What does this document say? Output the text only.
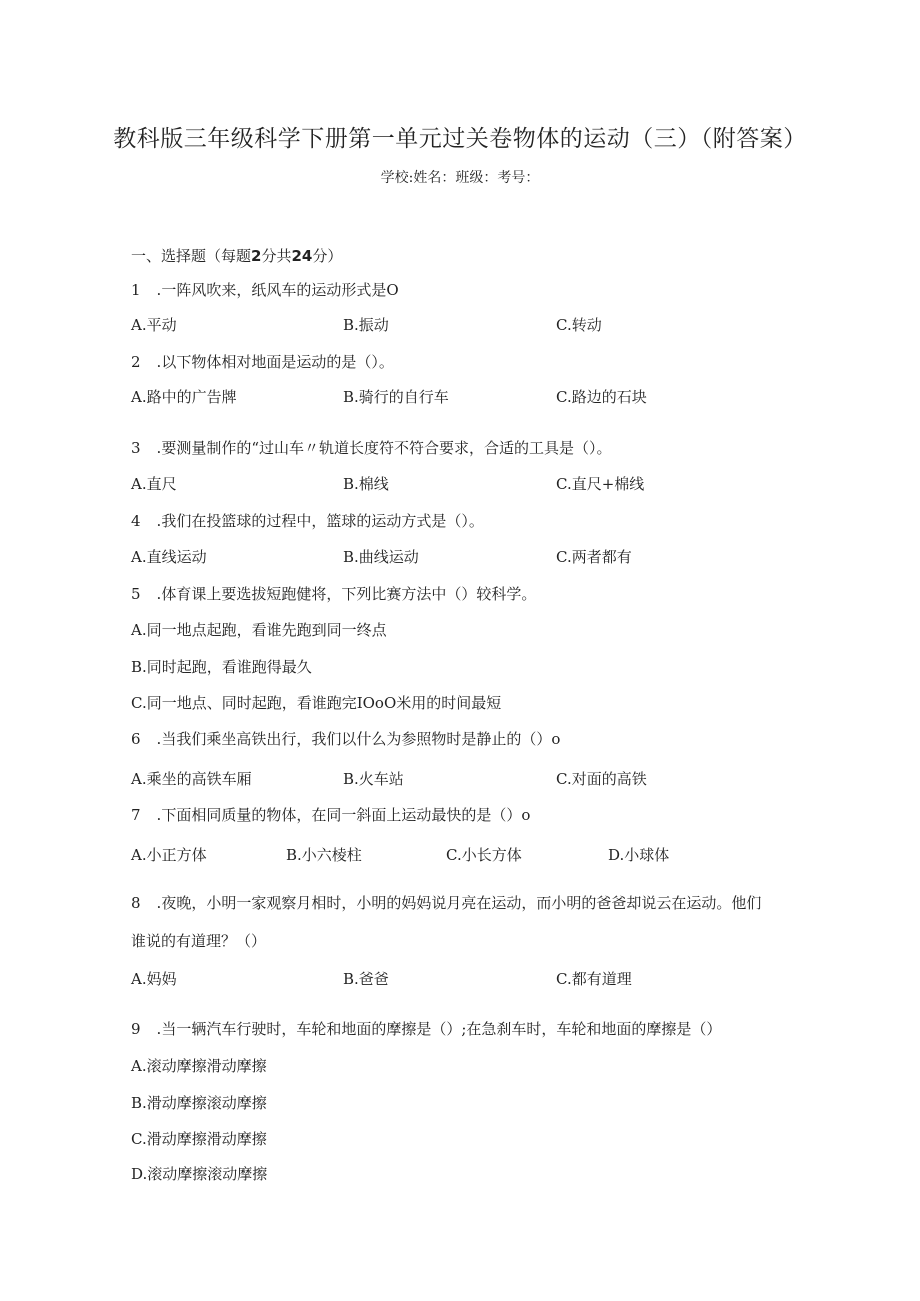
教科版三年级科学下册第一单元过关卷物体的运动（三）（附答案）
学校:姓名：班级：考号：
一、选择题（每题2分共24分）
1 .一阵风吹来，纸风车的运动形式是O
A.平动	B.振动	C.转动
2 .以下物体相对地面是运动的是（）。
A.路中的广告牌	B.骑行的自行车	C.路边的石块
3 .要测量制作的“过山车〃轨道长度符不符合要求，合适的工具是（）。
A.直尺	B.棉线	C.直尺+棉线
4 .我们在投篮球的过程中，篮球的运动方式是（）。
A.直线运动	B.曲线运动	C.两者都有
5 .体育课上要选拔短跑健将，下列比赛方法中（）较科学。
A.同一地点起跑，看谁先跑到同一终点
B.同时起跑，看谁跑得最久
C.同一地点、同时起跑，看谁跑完IOoO米用的时间最短
6 .当我们乘坐高铁出行，我们以什么为参照物时是静止的（）o
A.乘坐的高铁车厢	B.火车站	C.对面的高铁
7 .下面相同质量的物体，在同一斜面上运动最快的是（）o
A.小正方体	B.小六棱柱	C.小长方体	D.小球体
8 .夜晚，小明一家观察月相时，小明的妈妈说月亮在运动，而小明的爸爸却说云在运动。他们
谁说的有道理？（）
A.妈妈	B.爸爸	C.都有道理
9 .当一辆汽车行驶时，车轮和地面的摩擦是（）;在急刹车时，车轮和地面的摩擦是（）
A.滚动摩擦滑动摩擦
B.滑动摩擦滚动摩擦
C.滑动摩擦滑动摩擦
D.滚动摩擦滚动摩擦
